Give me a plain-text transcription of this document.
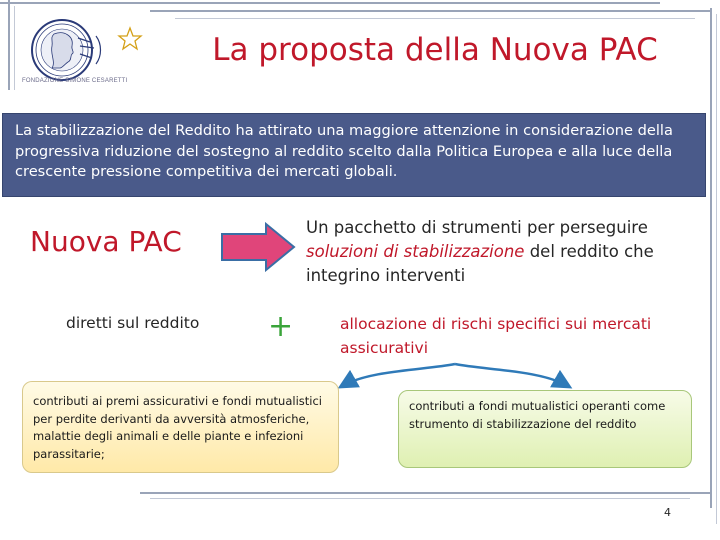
FONDAZIONE SIMONE CESARETTI
La proposta della Nuova PAC
La stabilizzazione del Reddito ha attirato una maggiore attenzione in considerazione della progressiva riduzione del sostegno al reddito scelto dalla Politica Europea e alla luce della crescente pressione competitiva dei mercati globali.
Nuova PAC	Un pacchetto di strumenti per perseguire soluzioni di stabilizzazione del reddito che integrino interventi
diretti sul reddito +	allocazione di rischi specifici sui mercati assicurativi
contributi ai premi assicurativi e fondi mutualistici per perdite derivanti da avversità atmosferiche, malattie degli animali e delle piante e infezioni parassitarie;
contributi a fondi mutualistici operanti come strumento di stabilizzazione del reddito
4
